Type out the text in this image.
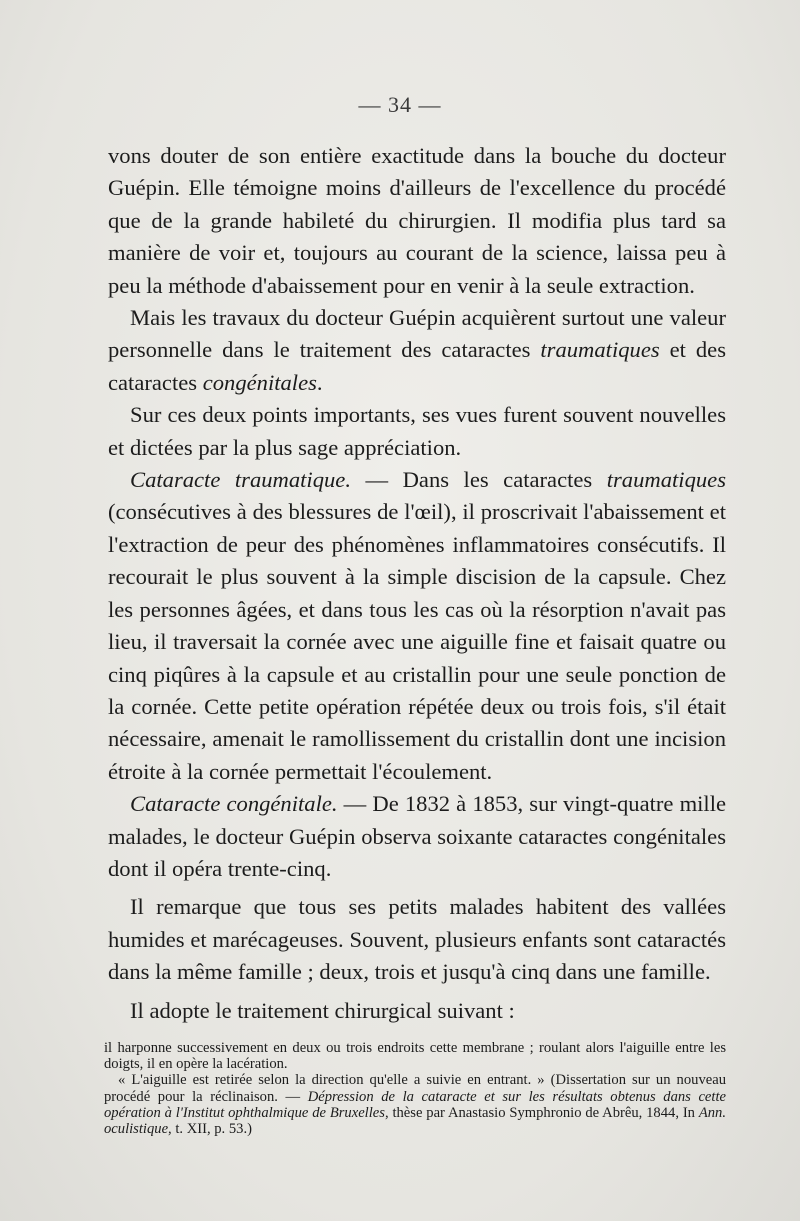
— 34 —

vons douter de son entière exactitude dans la bouche du docteur Guépin. Elle témoigne moins d'ailleurs de l'excellence du procédé que de la grande habileté du chirurgien. Il modifia plus tard sa manière de voir et, toujours au courant de la science, laissa peu à peu la méthode d'abaissement pour en venir à la seule extraction.

Mais les travaux du docteur Guépin acquièrent surtout une valeur personnelle dans le traitement des cataractes traumatiques et des cataractes congénitales.

Sur ces deux points importants, ses vues furent souvent nouvelles et dictées par la plus sage appréciation.

Cataracte traumatique. — Dans les cataractes traumatiques (consécutives à des blessures de l'œil), il proscrivait l'abaissement et l'extraction de peur des phénomènes inflammatoires consécutifs. Il recourait le plus souvent à la simple discision de la capsule. Chez les personnes âgées, et dans tous les cas où la résorption n'avait pas lieu, il traversait la cornée avec une aiguille fine et faisait quatre ou cinq piqûres à la capsule et au cristallin pour une seule ponction de la cornée. Cette petite opération répétée deux ou trois fois, s'il était nécessaire, amenait le ramollissement du cristallin dont une incision étroite à la cornée permettait l'écoulement.

Cataracte congénitale. — De 1832 à 1853, sur vingt-quatre mille malades, le docteur Guépin observa soixante cataractes congénitales dont il opéra trente-cinq.

Il remarque que tous ses petits malades habitent des vallées humides et marécageuses. Souvent, plusieurs enfants sont cataractés dans la même famille ; deux, trois et jusqu'à cinq dans une famille.

Il adopte le traitement chirurgical suivant :

il harponne successivement en deux ou trois endroits cette membrane ; roulant alors l'aiguille entre les doigts, il en opère la lacération.

« L'aiguille est retirée selon la direction qu'elle a suivie en entrant. » (Dissertation sur un nouveau procédé pour la réclinaison. — Dépression de la cataracte et sur les résultats obtenus dans cette opération à l'Institut ophthalmique de Bruxelles, thèse par Anastasio Symphronio de Abrêu, 1844, In Ann. oculistique, t. XII, p. 53.)
